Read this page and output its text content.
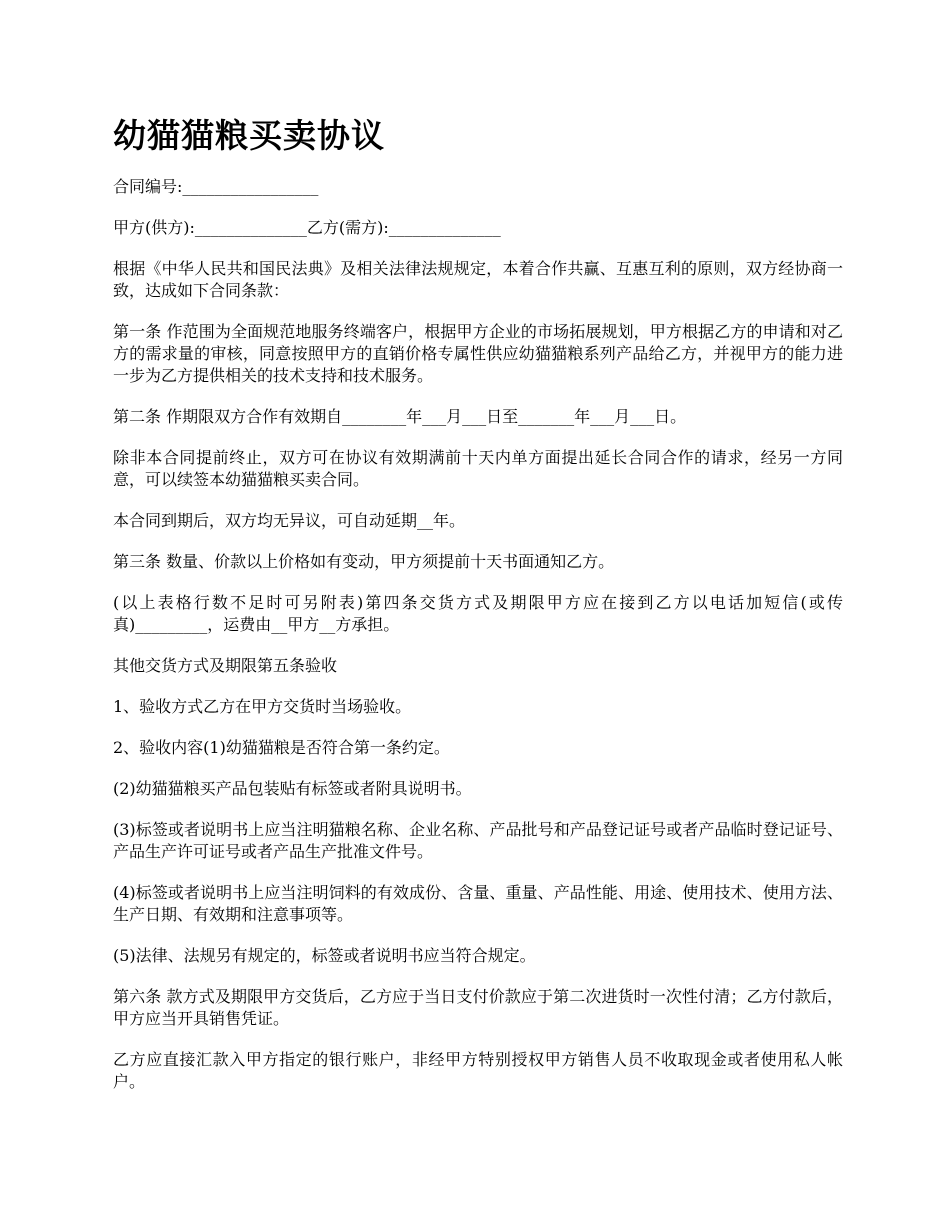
幼猫猫粮买卖协议

合同编号:_________________

甲方(供方):______________乙方(需方):______________

根据《中华人民共和国民法典》及相关法律法规规定，本着合作共赢、互惠互利的原则，双方经协商一致，达成如下合同条款：

第一条 作范围为全面规范地服务终端客户，根据甲方企业的市场拓展规划，甲方根据乙方的申请和对乙方的需求量的审核，同意按照甲方的直销价格专属性供应幼猫猫粮系列产品给乙方，并视甲方的能力进一步为乙方提供相关的技术支持和技术服务。

第二条 作期限双方合作有效期自________年___月___日至_______年___月___日。

除非本合同提前终止，双方可在协议有效期满前十天内单方面提出延长合同合作的请求，经另一方同意，可以续签本幼猫猫粮买卖合同。

本合同到期后，双方均无异议，可自动延期__年。

第三条 数量、价款以上价格如有变动，甲方须提前十天书面通知乙方。

(以上表格行数不足时可另附表)第四条交货方式及期限甲方应在接到乙方以电话加短信(或传真)_________，运费由__甲方__方承担。

其他交货方式及期限第五条验收

1、验收方式乙方在甲方交货时当场验收。

2、验收内容(1)幼猫猫粮是否符合第一条约定。

(2)幼猫猫粮买产品包装贴有标签或者附具说明书。

(3)标签或者说明书上应当注明猫粮名称、企业名称、产品批号和产品登记证号或者产品临时登记证号、产品生产许可证号或者产品生产批准文件号。

(4)标签或者说明书上应当注明饲料的有效成份、含量、重量、产品性能、用途、使用技术、使用方法、生产日期、有效期和注意事项等。

(5)法律、法规另有规定的，标签或者说明书应当符合规定。

第六条 款方式及期限甲方交货后，乙方应于当日支付价款应于第二次进货时一次性付清；乙方付款后，甲方应当开具销售凭证。

乙方应直接汇款入甲方指定的银行账户，非经甲方特别授权甲方销售人员不收取现金或者使用私人帐户。
